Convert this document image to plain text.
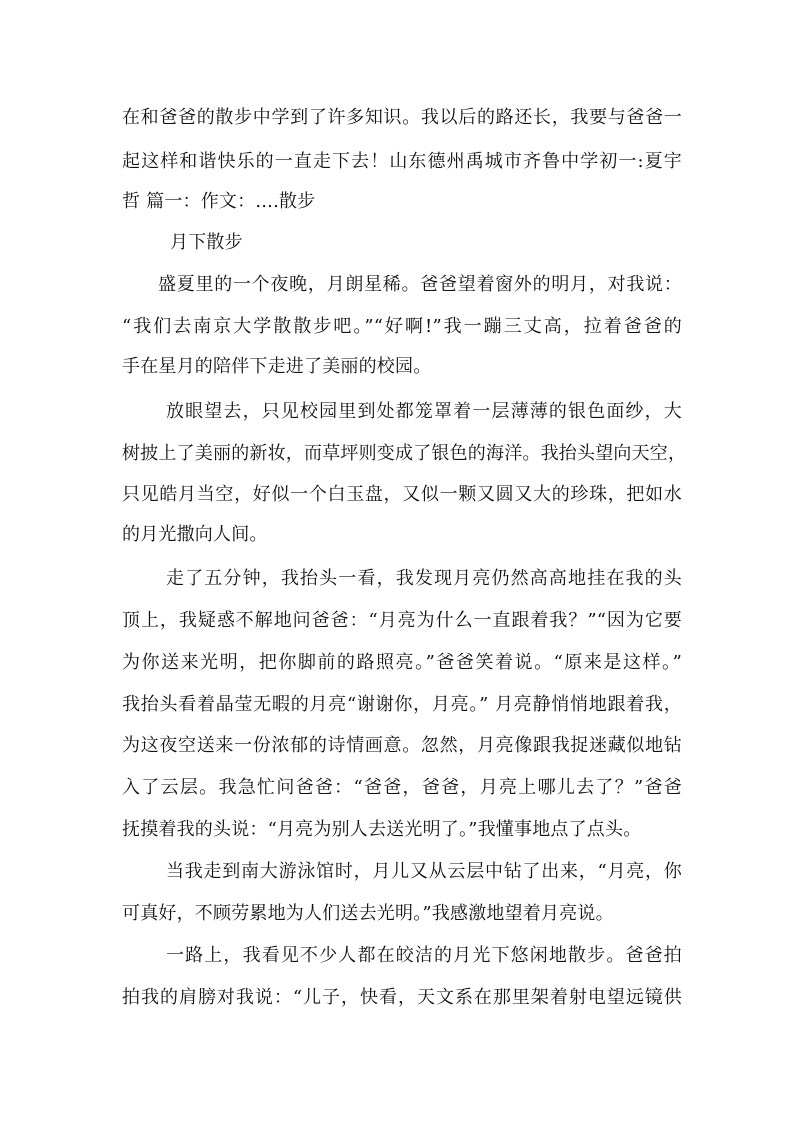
在和爸爸的散步中学到了许多知识。我以后的路还长，我要与爸爸一
起这样和谐快乐的一直走下去！山东德州禹城市齐鲁中学初一:夏宇
哲 篇一：作文：....散步
月下散步
盛夏里的一个夜晚，月朗星稀。爸爸望着窗外的明月，对我说：
“我们去南京大学散散步吧。”“好啊!”我一蹦三丈高，拉着爸爸的
手在星月的陪伴下走进了美丽的校园。
放眼望去，只见校园里到处都笼罩着一层薄薄的银色面纱，大
树披上了美丽的新妆，而草坪则变成了银色的海洋。我抬头望向天空，
只见皓月当空，好似一个白玉盘，又似一颗又圆又大的珍珠，把如水
的月光撒向人间。
走了五分钟，我抬头一看，我发现月亮仍然高高地挂在我的头
顶上，我疑惑不解地问爸爸：“月亮为什么一直跟着我？”“因为它要
为你送来光明，把你脚前的路照亮。”爸爸笑着说。“原来是这样。”
我抬头看着晶莹无暇的月亮“谢谢你，月亮。” 月亮静悄悄地跟着我，
为这夜空送来一份浓郁的诗情画意。忽然，月亮像跟我捉迷藏似地钻
入了云层。我急忙问爸爸：“爸爸，爸爸，月亮上哪儿去了？”爸爸
抚摸着我的头说：“月亮为别人去送光明了。”我懂事地点了点头。
当我走到南大游泳馆时，月儿又从云层中钻了出来，“月亮，你
可真好，不顾劳累地为人们送去光明。”我感激地望着月亮说。
一路上，我看见不少人都在皎洁的月光下悠闲地散步。爸爸拍
拍我的肩膀对我说：“儿子，快看，天文系在那里架着射电望远镜供
